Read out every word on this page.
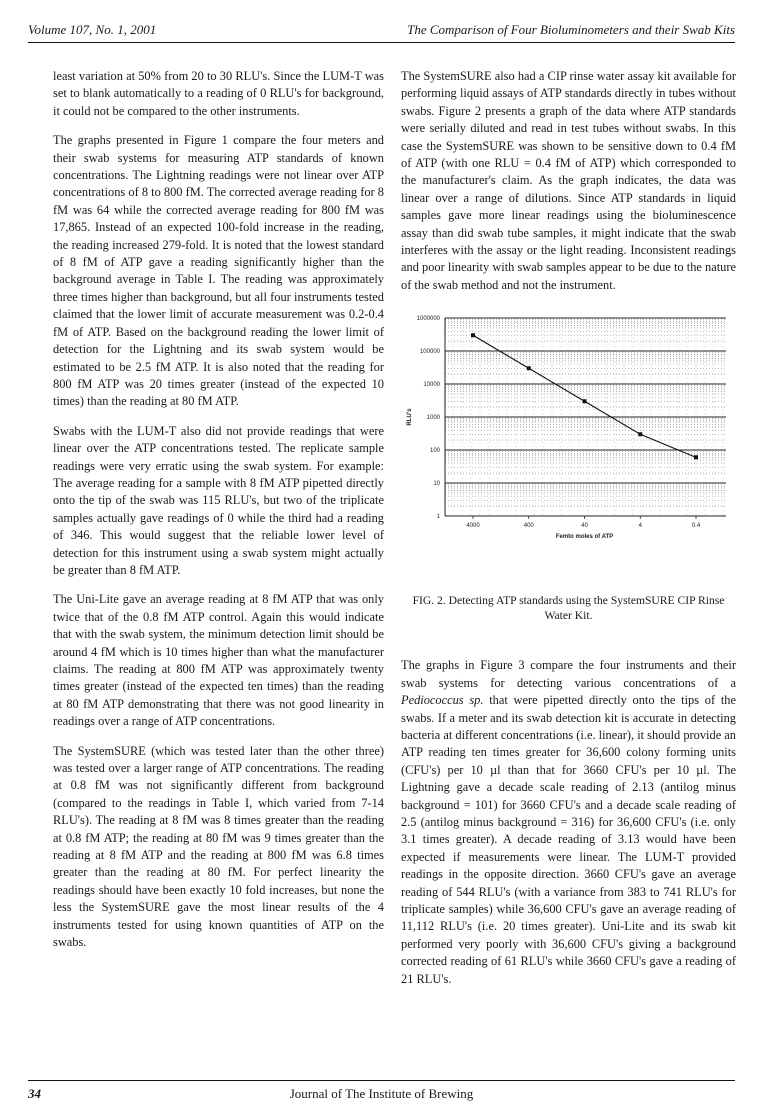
Volume 107, No. 1, 2001	The Comparison of Four Bioluminometers and their Swab Kits

least variation at 50% from 20 to 30 RLU's. Since the LUM-T was set to blank automatically to a reading of 0 RLU's for background, it could not be compared to the other instruments.

The graphs presented in Figure 1 compare the four meters and their swab systems for measuring ATP standards of known concentrations. The Lightning readings were not linear over ATP concentrations of 8 to 800 fM. The corrected average reading for 8 fM was 64 while the corrected average reading for 800 fM was 17,865. Instead of an expected 100-fold increase in the reading, the reading increased 279-fold. It is noted that the lowest standard of 8 fM of ATP gave a reading significantly higher than the background average in Table I. The reading was approximately three times higher than background, but all four instruments tested claimed that the lower limit of accurate measurement was 0.2-0.4 fM of ATP. Based on the background reading the lower limit of detection for the Lightning and its swab system would be estimated to be 2.5 fM ATP. It is also noted that the reading for 800 fM ATP was 20 times greater (instead of the expected 10 times) than the reading at 80 fM ATP.

Swabs with the LUM-T also did not provide readings that were linear over the ATP concentrations tested. The replicate sample readings were very erratic using the swab system. For example: The average reading for a sample with 8 fM ATP pipetted directly onto the tip of the swab was 115 RLU's, but two of the triplicate samples actually gave readings of 0 while the third had a reading of 346. This would suggest that the reliable lower level of detection for this instrument using a swab system might actually be greater than 8 fM ATP.

The Uni-Lite gave an average reading at 8 fM ATP that was only twice that of the 0.8 fM ATP control. Again this would indicate that with the swab system, the minimum detection limit should be around 4 fM which is 10 times higher than what the manufacturer claims. The reading at 800 fM ATP was approximately twenty times greater (instead of the expected ten times) than the reading at 80 fM ATP demonstrating that there was not good linearity in readings over a range of ATP concentrations.

The SystemSURE (which was tested later than the other three) was tested over a larger range of ATP concentrations. The reading at 0.8 fM was not significantly different from background (compared to the readings in Table I, which varied from 7-14 RLU's). The reading at 8 fM was 8 times greater than the reading at 0.8 fM ATP; the reading at 80 fM was 9 times greater than the reading at 8 fM ATP and the reading at 800 fM was 6.8 times greater than the reading at 80 fM. For perfect linearity the readings should have been exactly 10 fold increases, but none the less the SystemSURE gave the most linear results of the 4 instruments tested for using known quantities of ATP on the swabs.

The SystemSURE also had a CIP rinse water assay kit available for performing liquid assays of ATP standards directly in tubes without swabs. Figure 2 presents a graph of the data where ATP standards were serially diluted and read in test tubes without swabs. In this case the SystemSURE was shown to be sensitive down to 0.4 fM of ATP (with one RLU = 0.4 fM of ATP) which corresponded to the manufacturer's claim. As the graph indicates, the data was linear over a range of dilutions. Since ATP standards in liquid samples gave more linear readings using the bioluminescence assay than did swab tube samples, it might indicate that the swab interferes with the assay or the light reading. Inconsistent readings and poor linearity with swab samples appear to be due to the nature of the swab method and not the instrument.

1
10
100
1000
10000
100000
1000000
4000	400	40	4	0.4
Femto moles of ATP
RLU's
FIG. 2. Detecting ATP standards using the SystemSURE CIP Rinse Water Kit.

The graphs in Figure 3 compare the four instruments and their swab systems for detecting various concentrations of a Pediococcus sp. that were pipetted directly onto the tips of the swabs. If a meter and its swab detection kit is accurate in detecting bacteria at different concentrations (i.e. linear), it should provide an ATP reading ten times greater for 36,600 colony forming units (CFU's) per 10 µl than that for 3660 CFU's per 10 µl. The Lightning gave a decade scale reading of 2.13 (antilog minus background = 101) for 3660 CFU's and a decade scale reading of 2.5 (antilog minus background = 316) for 36,600 CFU's (i.e. only 3.1 times greater). A decade reading of 3.13 would have been expected if measurements were linear. The LUM-T provided readings in the opposite direction. 3660 CFU's gave an average reading of 544 RLU's (with a variance from 383 to 741 RLU's for triplicate samples) while 36,600 CFU's gave an average reading of 11,112 RLU's (i.e. 20 times greater). Uni-Lite and its swab kit performed very poorly with 36,600 CFU's giving a background corrected reading of 61 RLU's while 3660 CFU's gave a reading of 21 RLU's.

34	Journal of The Institute of Brewing
